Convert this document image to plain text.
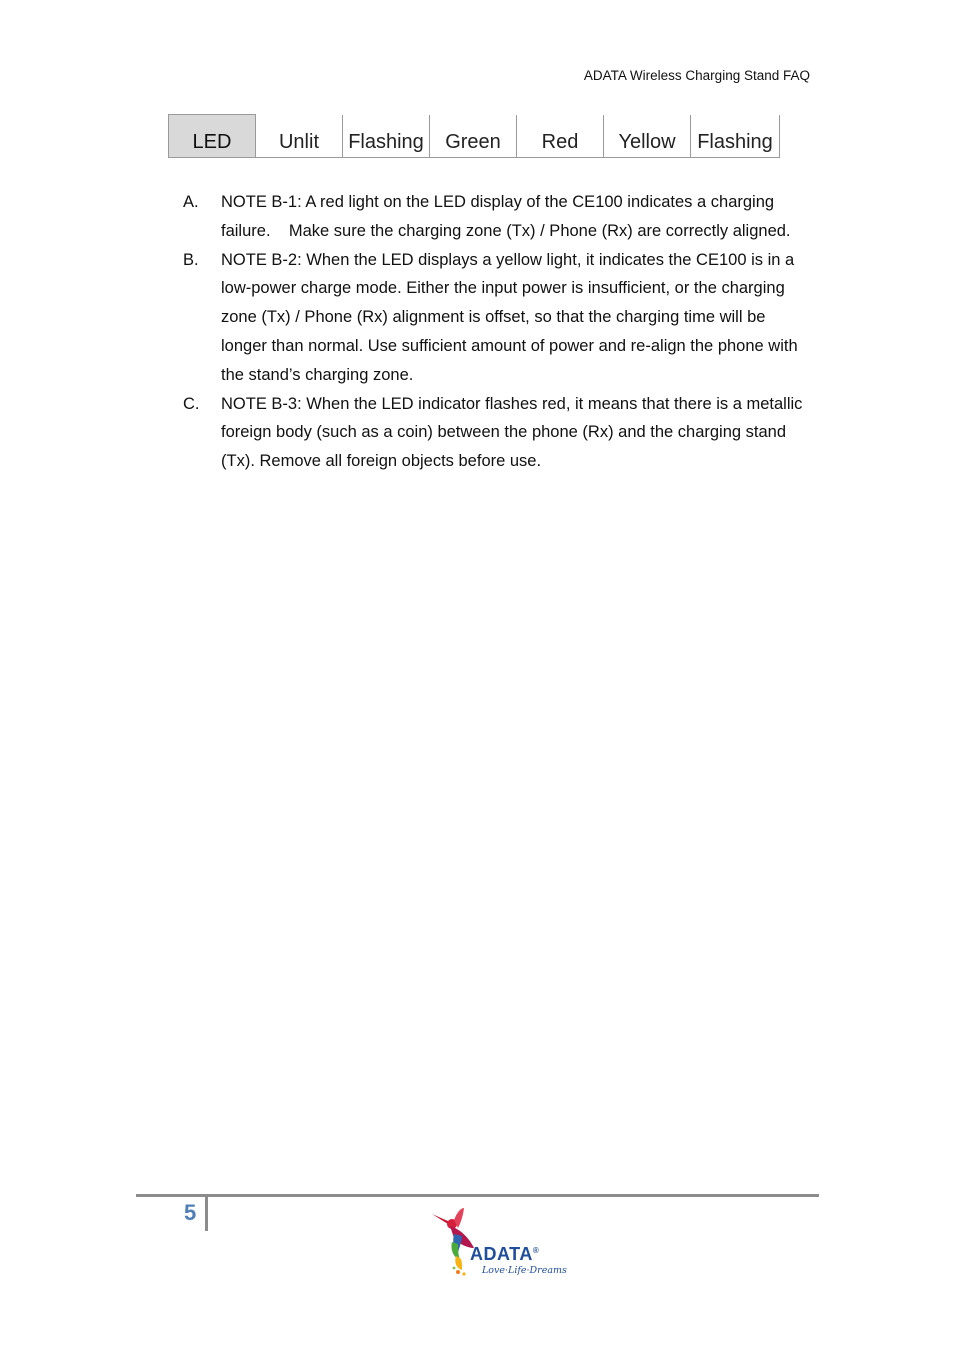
ADATA Wireless Charging Stand FAQ
LED	Unlit	Flashing	Green	Red	Yellow	Flashing
A.	NOTE B-1: A red light on the LED display of the CE100 indicates a charging failure.    Make sure the charging zone (Tx) / Phone (Rx) are correctly aligned.
B.	NOTE B-2: When the LED displays a yellow light, it indicates the CE100 is in a low-power charge mode. Either the input power is insufficient, or the charging zone (Tx) / Phone (Rx) alignment is offset, so that the charging time will be longer than normal. Use sufficient amount of power and re-align the phone with the stand’s charging zone.
C.	NOTE B-3: When the LED indicator flashes red, it means that there is a metallic foreign body (such as a coin) between the phone (Rx) and the charging stand (Tx). Remove all foreign objects before use.
5
ADATA®
Love·Life·Dreams
